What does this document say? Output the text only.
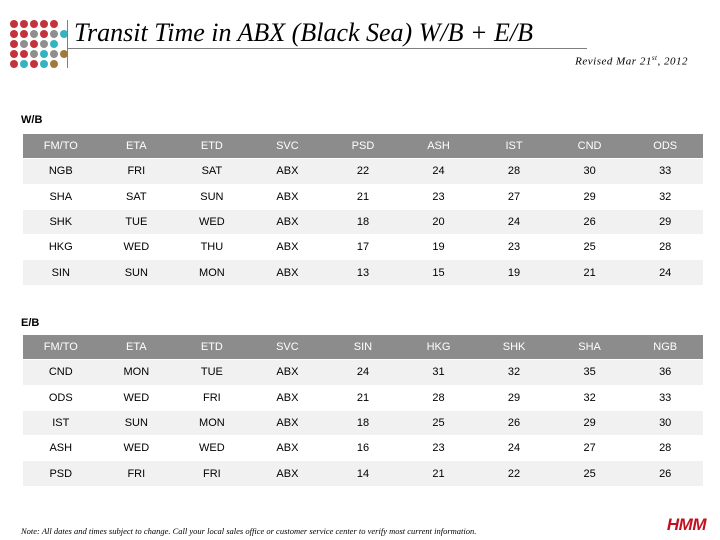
Transit Time in ABX (Black Sea) W/B + E/B
Revised Mar 21st, 2012
W/B
FM/TO	ETA	ETD	SVC	PSD	ASH	IST	CND	ODS
NGB	FRI	SAT	ABX	22	24	28	30	33
SHA	SAT	SUN	ABX	21	23	27	29	32
SHK	TUE	WED	ABX	18	20	24	26	29
HKG	WED	THU	ABX	17	19	23	25	28
SIN	SUN	MON	ABX	13	15	19	21	24
E/B
FM/TO	ETA	ETD	SVC	SIN	HKG	SHK	SHA	NGB
CND	MON	TUE	ABX	24	31	32	35	36
ODS	WED	FRI	ABX	21	28	29	32	33
IST	SUN	MON	ABX	18	25	26	29	30
ASH	WED	WED	ABX	16	23	24	27	28
PSD	FRI	FRI	ABX	14	21	22	25	26
Note: All dates and times subject to change. Call your local sales office or customer service center to verify most current information.	HMM
